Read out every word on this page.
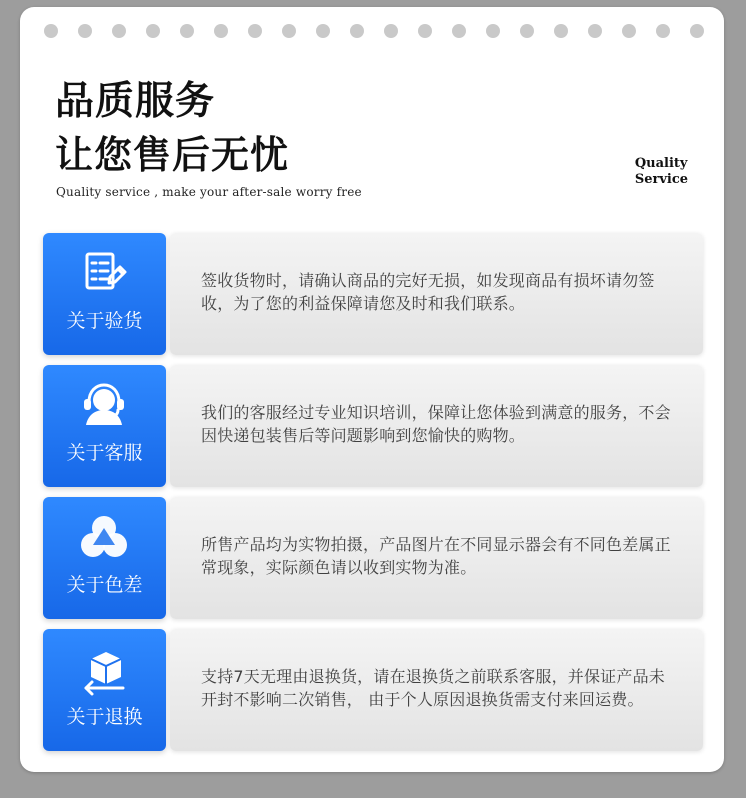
品质服务
让您售后无忧
Quality service , make your after-sale worry free
Quality
Service
关于验货
签收货物时，请确认商品的完好无损，如发现商品有损坏请勿签收，为了您的利益保障请您及时和我们联系。
关于客服
我们的客服经过专业知识培训，保障让您体验到满意的服务，不会因快递包装售后等问题影响到您愉快的购物。
关于色差
所售产品均为实物拍摄，产品图片在不同显示器会有不同色差属正常现象，实际颜色请以收到实物为准。
关于退换
支持7天无理由退换货，请在退换货之前联系客服，并保证产品未开封不影响二次销售， 由于个人原因退换货需支付来回运费。
